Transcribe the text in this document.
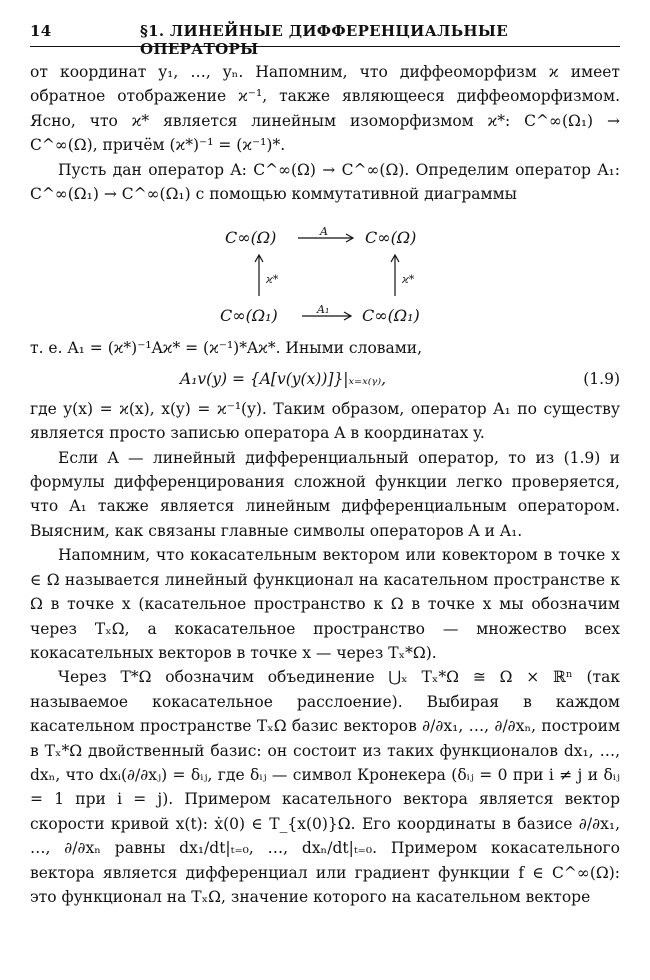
14	§1. ЛИНЕЙНЫЕ ДИФФЕРЕНЦИАЛЬНЫЕ ОПЕРАТОРЫ

от координат y₁, …, yₙ. Напомним, что диффеоморфизм ϰ имеет обратное отображение ϰ⁻¹, также являющееся диффеоморфизмом. Ясно, что ϰ* является линейным изоморфизмом ϰ*: C^∞(Ω₁) → C^∞(Ω), причём (ϰ*)⁻¹ = (ϰ⁻¹)*.

Пусть дан оператор A: C^∞(Ω) → C^∞(Ω). Определим оператор A₁: C^∞(Ω₁) → C^∞(Ω₁) с помощью коммутативной диаграммы

C∞(Ω)	C∞(Ω)
C∞(Ω₁)	C∞(Ω₁)
A
A₁
ϰ*	ϰ*

т. е. A₁ = (ϰ*)⁻¹Aϰ* = (ϰ⁻¹)*Aϰ*. Иными словами,

A₁v(y) = {A[v(y(x))]}|ₓ₌ₓ₍ᵧ₎,	(1.9)

где y(x) = ϰ(x), x(y) = ϰ⁻¹(y). Таким образом, оператор A₁ по существу является просто записью оператора A в координатах y.

Если A — линейный дифференциальный оператор, то из (1.9) и формулы дифференцирования сложной функции легко проверяется, что A₁ также является линейным дифференциальным оператором. Выясним, как связаны главные символы операторов A и A₁.

Напомним, что кокасательным вектором или ковектором в точке x ∈ Ω называется линейный функционал на касательном пространстве к Ω в точке x (касательное пространство к Ω в точке x мы обозначим через TₓΩ, а кокасательное пространство — множество всех кокасательных векторов в точке x — через Tₓ*Ω).

Через T*Ω обозначим объединение ⋃ₓ Tₓ*Ω ≅ Ω × ℝⁿ (так называемое кокасательное расслоение). Выбирая в каждом касательном пространстве TₓΩ базис векторов ∂/∂x₁, …, ∂/∂xₙ, построим в Tₓ*Ω двойственный базис: он состоит из таких функционалов dx₁, …, dxₙ, что dxᵢ(∂/∂xⱼ) = δᵢⱼ, где δᵢⱼ — символ Кронекера (δᵢⱼ = 0 при i ≠ j и δᵢⱼ = 1 при i = j). Примером касательного вектора является вектор скорости кривой x(t): ẋ(0) ∈ T_{x(0)}Ω. Его координаты в базисе ∂/∂x₁, …, ∂/∂xₙ равны dx₁/dt|ₜ₌₀, …, dxₙ/dt|ₜ₌₀. Примером кокасательного вектора является дифференциал или градиент функции f ∈ C^∞(Ω): это функционал на TₓΩ, значение которого на касательном векторе
